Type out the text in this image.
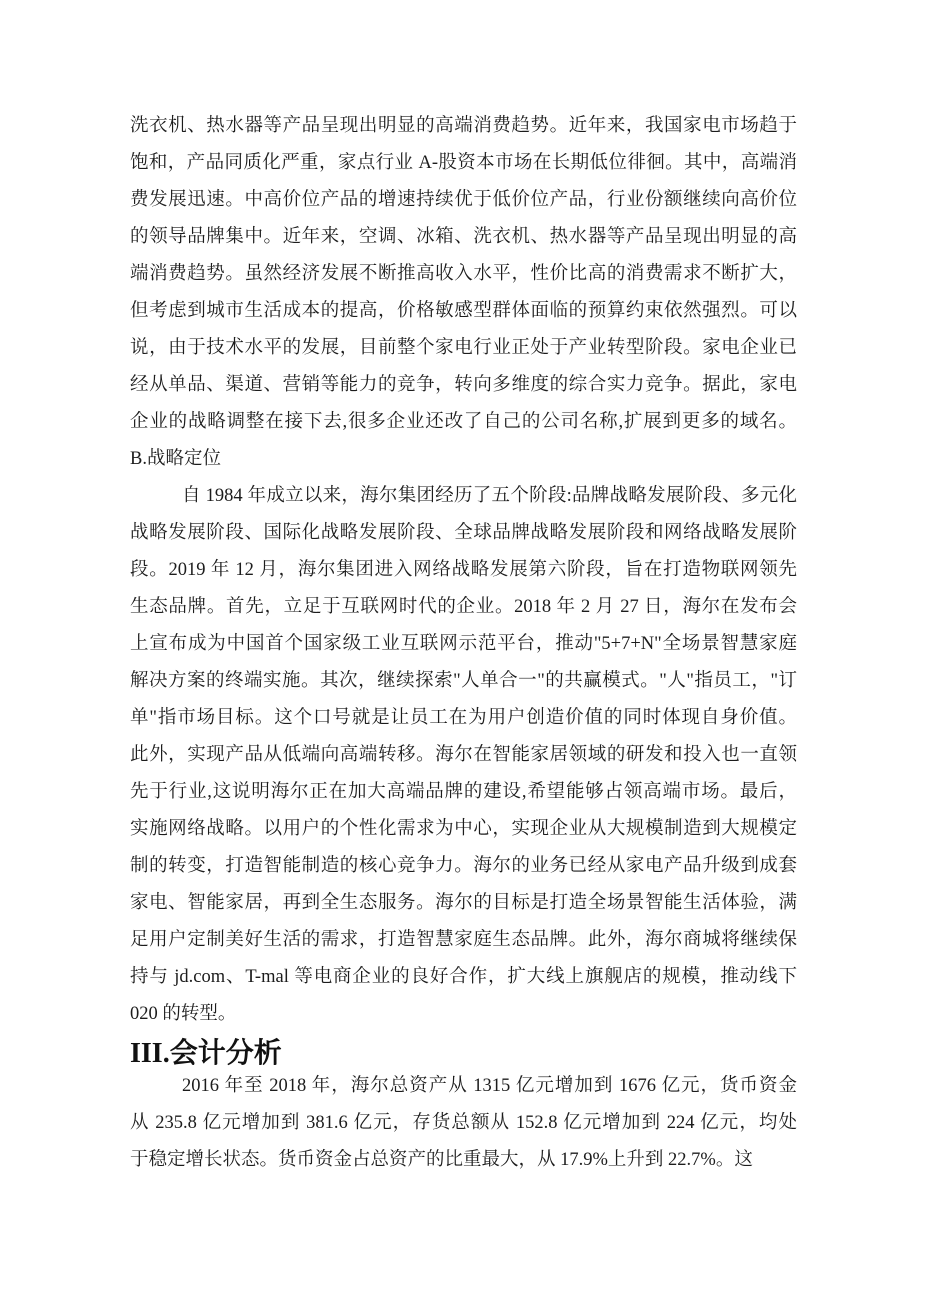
洗衣机、热水器等产品呈现出明显的高端消费趋势。近年来，我国家电市场趋于
饱和，产品同质化严重，家点行业 A-股资本市场在长期低位徘徊。其中，高端消
费发展迅速。中高价位产品的增速持续优于低价位产品，行业份额继续向高价位
的领导品牌集中。近年来，空调、冰箱、洗衣机、热水器等产品呈现出明显的高
端消费趋势。虽然经济发展不断推高收入水平，性价比高的消费需求不断扩大，
但考虑到城市生活成本的提高，价格敏感型群体面临的预算约束依然强烈。可以
说，由于技术水平的发展，目前整个家电行业正处于产业转型阶段。家电企业已
经从单品、渠道、营销等能力的竞争，转向多维度的综合实力竞争。据此，家电
企业的战略调整在接下去,很多企业还改了自己的公司名称,扩展到更多的域名。
B.战略定位
自 1984 年成立以来，海尔集团经历了五个阶段:品牌战略发展阶段、多元化
战略发展阶段、国际化战略发展阶段、全球品牌战略发展阶段和网络战略发展阶
段。2019 年 12 月，海尔集团进入网络战略发展第六阶段，旨在打造物联网领先
生态品牌。首先，立足于互联网时代的企业。2018 年 2 月 27 日，海尔在发布会
上宣布成为中国首个国家级工业互联网示范平台，推动"5+7+N"全场景智慧家庭
解决方案的终端实施。其次，继续探索"人单合一"的共赢模式。"人"指员工，"订
单"指市场目标。这个口号就是让员工在为用户创造价值的同时体现自身价值。
此外，实现产品从低端向高端转移。海尔在智能家居领域的研发和投入也一直领
先于行业,这说明海尔正在加大高端品牌的建设,希望能够占领高端市场。最后，
实施网络战略。以用户的个性化需求为中心，实现企业从大规模制造到大规模定
制的转变，打造智能制造的核心竞争力。海尔的业务已经从家电产品升级到成套
家电、智能家居，再到全生态服务。海尔的目标是打造全场景智能生活体验，满
足用户定制美好生活的需求，打造智慧家庭生态品牌。此外，海尔商城将继续保
持与 jd.com、T-mal 等电商企业的良好合作，扩大线上旗舰店的规模，推动线下
020 的转型。
III.会计分析
2016 年至 2018 年，海尔总资产从 1315 亿元增加到 1676 亿元，货币资金
从 235.8 亿元增加到 381.6 亿元，存货总额从 152.8 亿元增加到 224 亿元，均处
于稳定增长状态。货币资金占总资产的比重最大，从 17.9%上升到 22.7%。这
